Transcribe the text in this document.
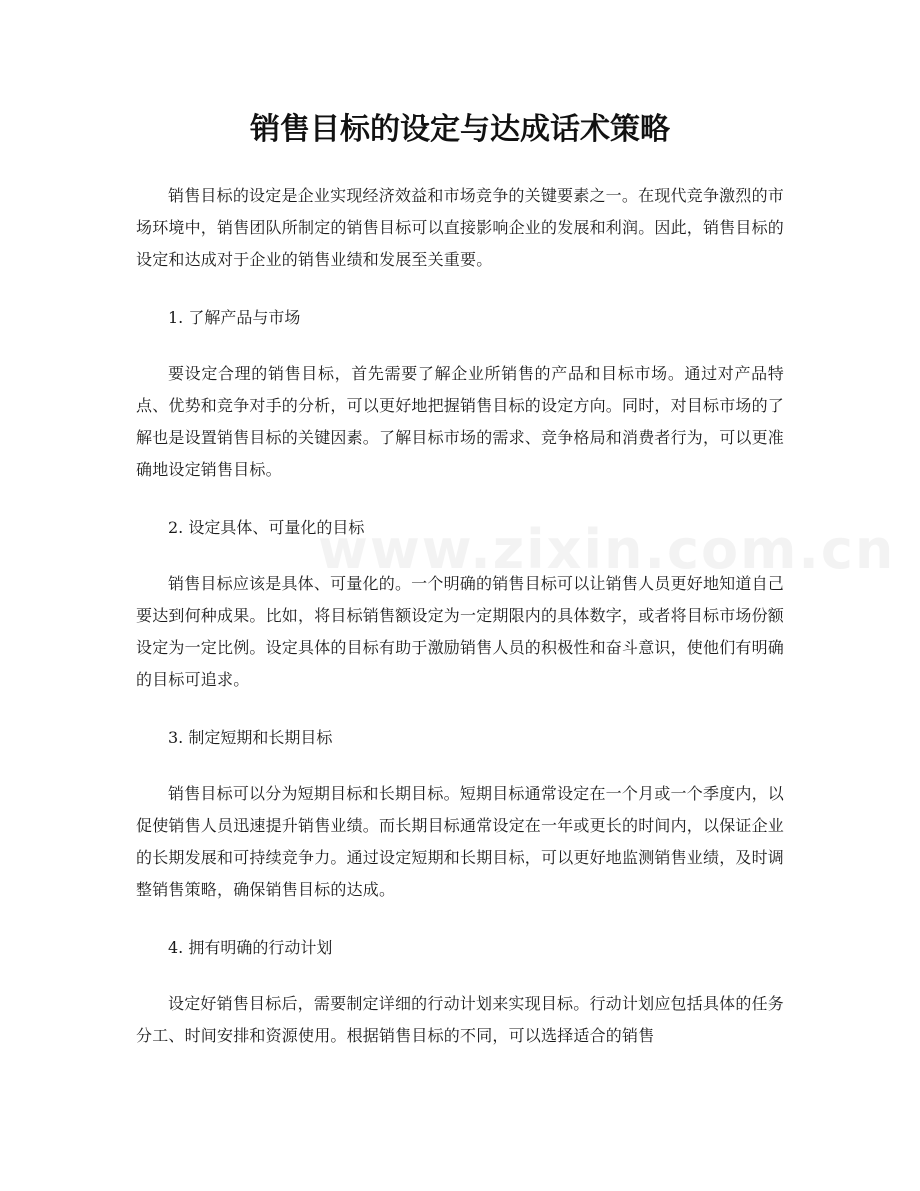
www.zixin.com.cn
销售目标的设定与达成话术策略

销售目标的设定是企业实现经济效益和市场竞争的关键要素之一。在现代竞争激烈的市场环境中，销售团队所制定的销售目标可以直接影响企业的发展和利润。因此，销售目标的设定和达成对于企业的销售业绩和发展至关重要。

1. 了解产品与市场

要设定合理的销售目标，首先需要了解企业所销售的产品和目标市场。通过对产品特点、优势和竞争对手的分析，可以更好地把握销售目标的设定方向。同时，对目标市场的了解也是设置销售目标的关键因素。了解目标市场的需求、竞争格局和消费者行为，可以更准确地设定销售目标。

2. 设定具体、可量化的目标

销售目标应该是具体、可量化的。一个明确的销售目标可以让销售人员更好地知道自己要达到何种成果。比如，将目标销售额设定为一定期限内的具体数字，或者将目标市场份额设定为一定比例。设定具体的目标有助于激励销售人员的积极性和奋斗意识，使他们有明确的目标可追求。

3. 制定短期和长期目标

销售目标可以分为短期目标和长期目标。短期目标通常设定在一个月或一个季度内，以促使销售人员迅速提升销售业绩。而长期目标通常设定在一年或更长的时间内，以保证企业的长期发展和可持续竞争力。通过设定短期和长期目标，可以更好地监测销售业绩，及时调整销售策略，确保销售目标的达成。

4. 拥有明确的行动计划

设定好销售目标后，需要制定详细的行动计划来实现目标。行动计划应包括具体的任务分工、时间安排和资源使用。根据销售目标的不同，可以选择适合的销售
